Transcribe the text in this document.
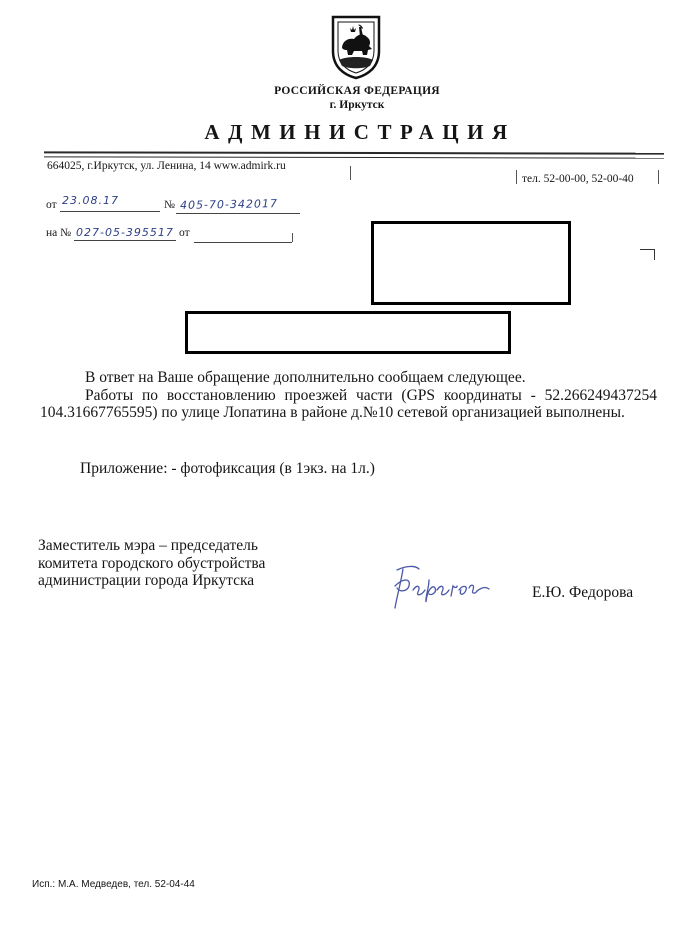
РОССИЙСКАЯ ФЕДЕРАЦИЯ
г. Иркутск
АДМИНИСТРАЦИЯ
664025, г.Иркутск, ул. Ленина, 14 www.admirk.ru
тел. 52-00-00, 52-00-40
от 23.08.17	№ 405-70-342017
на № 027-05-395517 от

В ответ на Ваше обращение дополнительно сообщаем следующее.

Работы по восстановлению проезжей части (GPS координаты - 52.266249437254 104.31667765595) по улице Лопатина в районе д.№10 сетевой организацией выполнены.

Приложение: - фотофиксация (в 1экз. на 1л.)
Заместитель мэра – председатель
комитета городского обустройства
администрации города Иркутска
Е.Ю. Федорова
Исп.: М.А. Медведев, тел. 52-04-44
